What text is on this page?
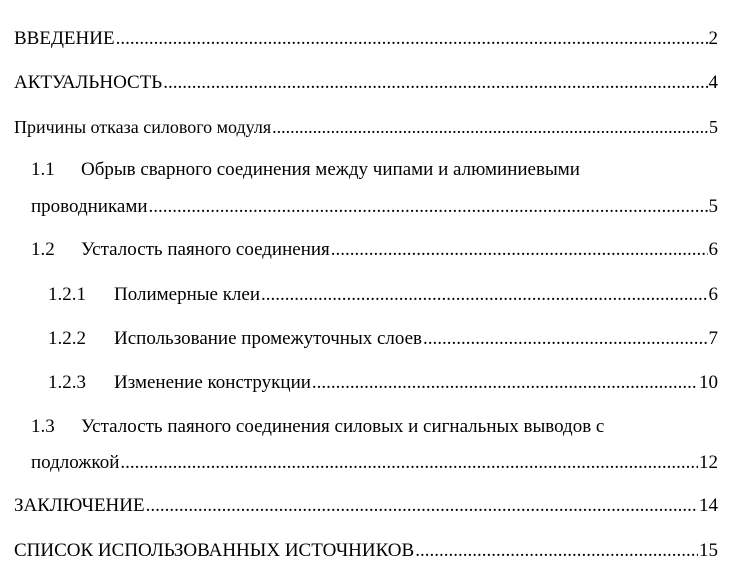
ВВЕДЕНИЕ .....	2
АКТУАЛЬНОСТЬ .....	4
Причины отказа силового модуля .....	5
1.1 Обрыв сварного соединения между чипами и алюминиевыми
проводниками .....	5
1.2	Усталость паяного соединения .....	6
1.2.1	Полимерные клеи .....	6
1.2.2	Использование промежуточных слоев .....	7
1.2.3	Изменение конструкции .....	10
1.3 Усталость паяного соединения силовых и сигнальных выводов с
подложкой .....	12
ЗАКЛЮЧЕНИЕ .....	14
СПИСОК ИСПОЛЬЗОВАННЫХ ИСТОЧНИКОВ .....	15
